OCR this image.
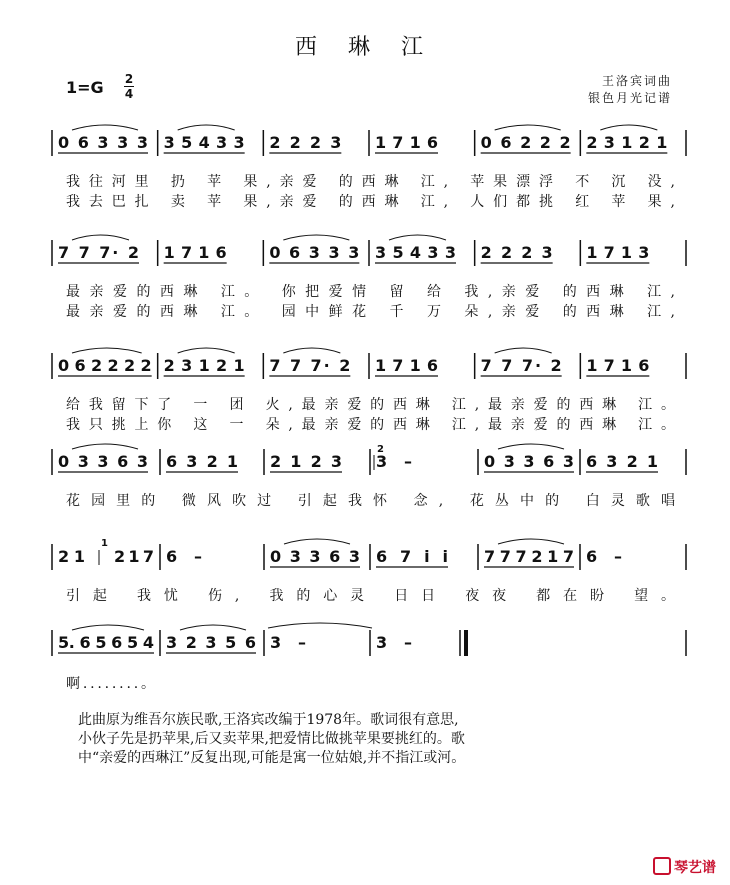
西 琳 江
1=G 2
4
王洛宾词曲
银色月光记谱
0 6 3 3 3 3 5 4 3 3 2 2 2 3 1 7 1 6	0 6 2 2 2 2 3 1 2 1
我往河里 扔 苹 果,亲爱 的西琳 江, 苹果漂浮 不 沉 没,
我去巴扎 卖 苹 果,亲爱 的西琳 江, 人们都挑 红 苹 果,
7 7 7· 2 1 7 1 6	0 6 3 3 3 3 5 4 3 3 2 2 2 3 1 7 1 3
最亲爱的西琳 江。 你把爱情 留 给 我,亲爱 的西琳 江,
最亲爱的西琳 江。 园中鲜花 千 万 朵,亲爱 的西琳 江,
0 6 2 2 2 2 2 3 1 2 1 7 7 7· 2 1 7 1 6	7 7 7· 2 1 7 1 6
给我留下了 一 团 火,最亲爱的西琳 江,最亲爱的西琳 江。
我只挑上你 这 一 朵,最亲爱的西琳 江,最亲爱的西琳 江。
0 3 3 6 3 6 3 2 1 2 1 2 3 3 –	0 3 3 6 3 6 3 2 1
花园里的 微风吹过 引起我怀 念, 花丛中的 白灵歌唱
2 1 2 1 7 6 –	0 3 3 6 3 6 7 i i 7 7 7 2 1 7 6 –
引起 我忧 伤, 我的心灵 日日 夜夜 都在盼 望。
5. 6 5 6 5 4 3 2 3 5 6 3 –	3 –
啊........。
2
1
此曲原为维吾尔族民歌,王洛宾改编于1978年。歌词很有意思,
小伙子先是扔苹果,后又卖苹果,把爱情比做挑苹果要挑红的。歌
中“亲爱的西琳江”反复出现,可能是寓一位姑娘,并不指江或河。
琴艺谱
